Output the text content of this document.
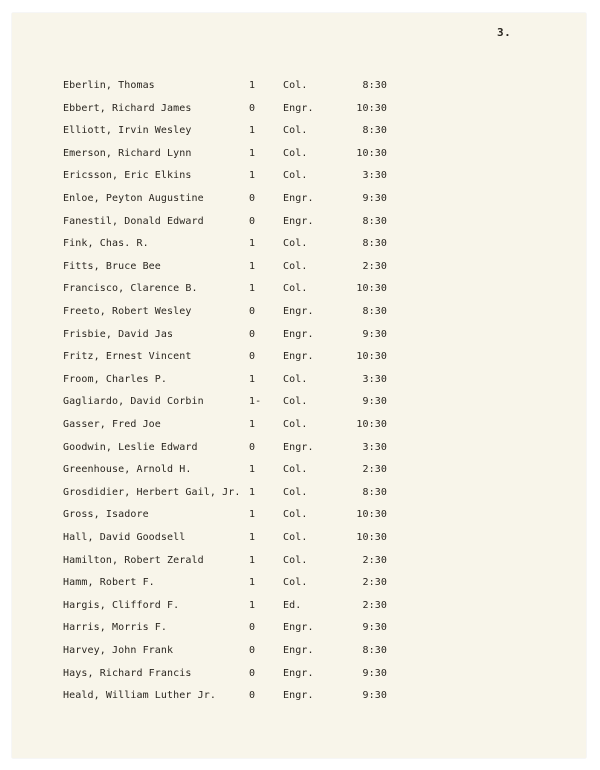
3.
Eberlin, Thomas	1	Col.	8:30
Ebbert, Richard James	0	Engr.	10:30
Elliott, Irvin Wesley	1	Col.	8:30
Emerson, Richard Lynn	1	Col.	10:30
Ericsson, Eric Elkins	1	Col.	3:30
Enloe, Peyton Augustine	0	Engr.	9:30
Fanestil, Donald Edward	0	Engr.	8:30
Fink, Chas. R.	1	Col.	8:30
Fitts, Bruce Bee	1	Col.	2:30
Francisco, Clarence B.	1	Col.	10:30
Freeto, Robert Wesley	0	Engr.	8:30
Frisbie, David Jas	0	Engr.	9:30
Fritz, Ernest Vincent	0	Engr.	10:30
Froom, Charles P.	1	Col.	3:30
Gagliardo, David Corbin	1- Col.	9:30
Gasser, Fred Joe	1	Col.	10:30
Goodwin, Leslie Edward	0	Engr.	3:30
Greenhouse, Arnold H.	1	Col.	2:30
Grosdidier, Herbert Gail, Jr. 1	Col.	8:30
Gross, Isadore	1	Col.	10:30
Hall, David Goodsell	1	Col.	10:30
Hamilton, Robert Zerald	1	Col.	2:30
Hamm, Robert F.	1	Col.	2:30
Hargis, Clifford F.	1	Ed.	2:30
Harris, Morris F.	0	Engr.	9:30
Harvey, John Frank	0	Engr.	8:30
Hays, Richard Francis	0	Engr.	9:30
Heald, William Luther Jr.	0	Engr.	9:30
